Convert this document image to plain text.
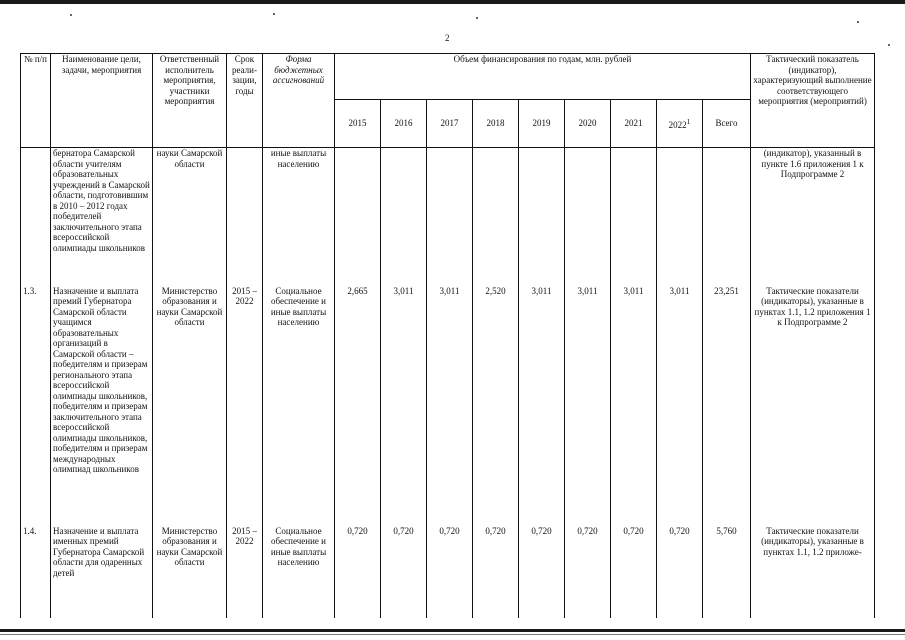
2
№ п/п	Наименование цели, задачи, мероприятия	Ответственный исполнитель мероприятия, участники мероприятия	Срок реали-зации, годы	Форма бюджетных ассигнований	Объем финансирования по годам, млн. рублей									Тактический показатель (индикатор), характеризующий выполнение соответствующего мероприятия (мероприятий)
					2015	2016	2017	2018	2019	2020	2021	2022$^1$	Всего	
	бернатора Самарской области учителям образовательных учреждений в Самарской области, подготовившим в 2010 – 2012 годах победителей заключительного этапа всероссийской олимпиады школьников	науки Самарской области		иные выплаты населению										(индикатор), указанный в пункте 1.6 приложения 1 к Подпрограмме 2
1.3.	Назначение и выплата премий Губернатора Самарской области учащимся образовательных организаций в Самарской области – победителям и призерам регионального этапа всероссийской олимпиады школьников, победителям и призерам заключительного этапа всероссийской олимпиады школьников, победителям и призерам международных олимпиад школьников	Министерство образования и науки Самарской области	2015 – 2022	Социальное обеспечение и иные выплаты населению	2,665	3,011	3,011	2,520	3,011	3,011	3,011	3,011	23,251	Тактические показатели (индикаторы), указанные в пунктах 1.1, 1.2 приложения 1 к Подпрограмме 2
1.4.	Назначение и выплата именных премий Губернатора Самарской области для одаренных детей	Министерство образования и науки Самарской области	2015 – 2022	Социальное обеспечение и иные выплаты населению	0,720	0,720	0,720	0,720	0,720	0,720	0,720	0,720	5,760	Тактические показатели (индикаторы), указанные в пунктах 1.1, 1.2 приложе-
